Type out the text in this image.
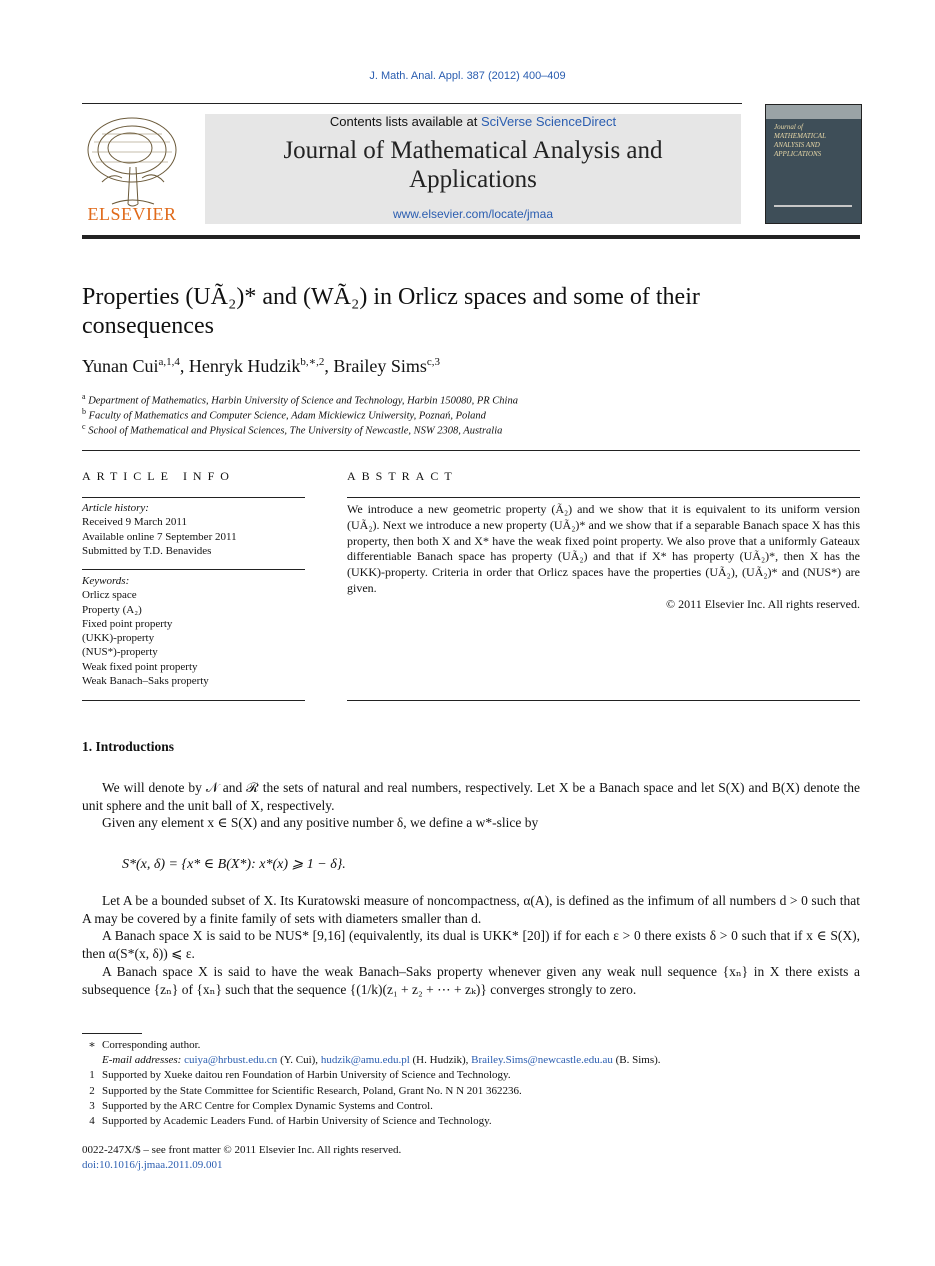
J. Math. Anal. Appl. 387 (2012) 400–409
ELSEVIER
Contents lists available at SciVerse ScienceDirect
Journal of Mathematical Analysis and
Applications
www.elsevier.com/locate/jmaa
Journal of MATHEMATICAL ANALYSIS AND APPLICATIONS
Properties (UÃ₂)* and (WÃ₂) in Orlicz spaces and some of their
consequences
Yunan Cui$^{a,1,4}$, Henryk Hudzik$^{b,∗,2}$, Brailey Sims$^{c,3}$
$^a$ Department of Mathematics, Harbin University of Science and Technology, Harbin 150080, PR China
$^b$ Faculty of Mathematics and Computer Science, Adam Mickiewicz Uniwersity, Poznań, Poland
$^c$ School of Mathematical and Physical Sciences, The University of Newcastle, NSW 2308, Australia
ARTICLE INFO
Article history:
Received 9 March 2011
Available online 7 September 2011
Submitted by T.D. Benavides
Keywords:
Orlicz space
Property (A₂)
Fixed point property
(UKK)-property
(NUS*)-property
Weak fixed point property
Weak Banach–Saks property
ABSTRACT
We introduce a new geometric property (Ã₂) and we show that it is equivalent to its uniform version (UÃ₂). Next we introduce a new property (UÃ₂)* and we show that if a separable Banach space X has this property, then both X and X* have the weak fixed point property. We also prove that a uniformly Gateaux differentiable Banach space has property (UÃ₂) and that if X* has property (UÃ₂)*, then X has the (UKK)-property. Criteria in order that Orlicz spaces have the properties (UÃ₂), (UÃ₂)* and (NUS*) are given.
© 2011 Elsevier Inc. All rights reserved.
1. Introductions

We will denote by 𝒩 and ℛ the sets of natural and real numbers, respectively. Let X be a Banach space and let S(X) and B(X) denote the unit sphere and the unit ball of X, respectively.

Given any element x ∈ S(X) and any positive number δ, we define a w*-slice by

S*(x, δ) = {x* ∈ B(X*): x*(x) ⩾ 1 − δ}.

Let A be a bounded subset of X. Its Kuratowski measure of noncompactness, α(A), is defined as the infimum of all numbers d > 0 such that A may be covered by a finite family of sets with diameters smaller than d.

A Banach space X is said to be NUS* [9,16] (equivalently, its dual is UKK* [20]) if for each ε > 0 there exists δ > 0 such that if x ∈ S(X), then α(S*(x, δ)) ⩽ ε.

A Banach space X is said to have the weak Banach–Saks property whenever given any weak null sequence {xₙ} in X there exists a subsequence {zₙ} of {xₙ} such that the sequence {(1/k)(z₁ + z₂ + ⋯ + zₖ)} converges strongly to zero.

∗ Corresponding author.
E-mail addresses: cuiya@hrbust.edu.cn (Y. Cui), hudzik@amu.edu.pl (H. Hudzik), Brailey.Sims@newcastle.edu.au (B. Sims).
1 Supported by Xueke daitou ren Foundation of Harbin University of Science and Technology.
2 Supported by the State Committee for Scientific Research, Poland, Grant No. N N 201 362236.
3 Supported by the ARC Centre for Complex Dynamic Systems and Control.
4 Supported by Academic Leaders Fund. of Harbin University of Science and Technology.
0022-247X/$ – see front matter © 2011 Elsevier Inc. All rights reserved.
doi:10.1016/j.jmaa.2011.09.001
